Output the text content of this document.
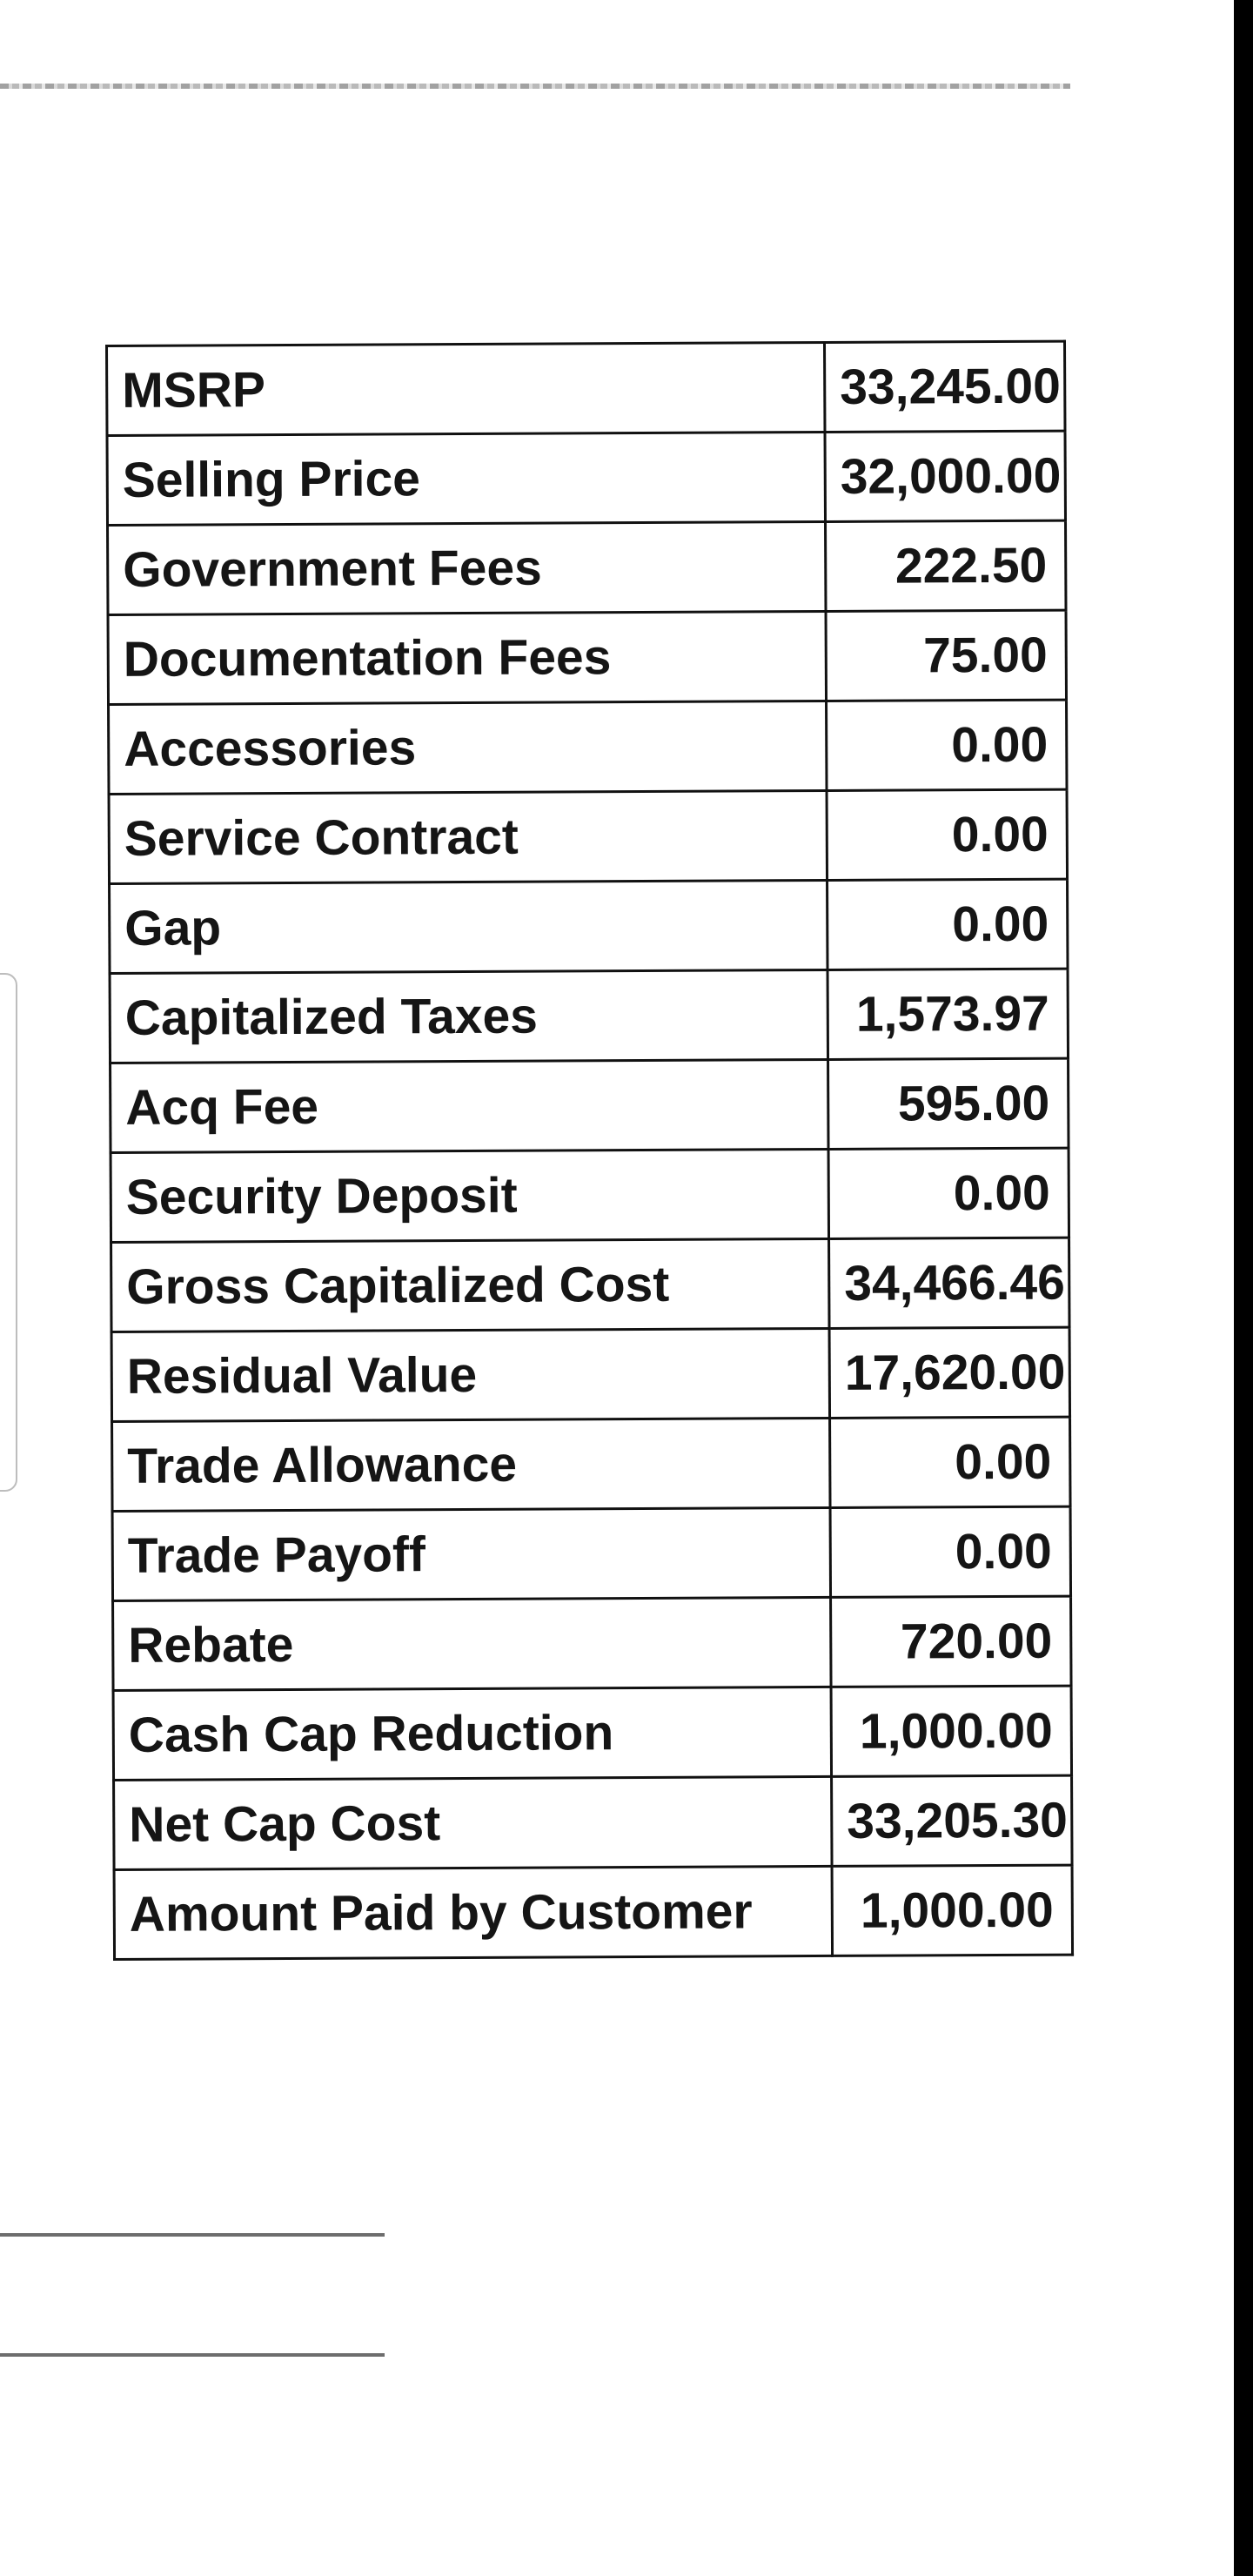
MSRP	33,245.00
Selling Price	32,000.00
Government Fees	222.50
Documentation Fees	75.00
Accessories	0.00
Service Contract	0.00
Gap	0.00
Capitalized Taxes	1,573.97
Acq Fee	595.00
Security Deposit	0.00
Gross Capitalized Cost	34,466.46
Residual Value	17,620.00
Trade Allowance	0.00
Trade Payoff	0.00
Rebate	720.00
Cash Cap Reduction	1,000.00
Net Cap Cost	33,205.30
Amount Paid by Customer	1,000.00
